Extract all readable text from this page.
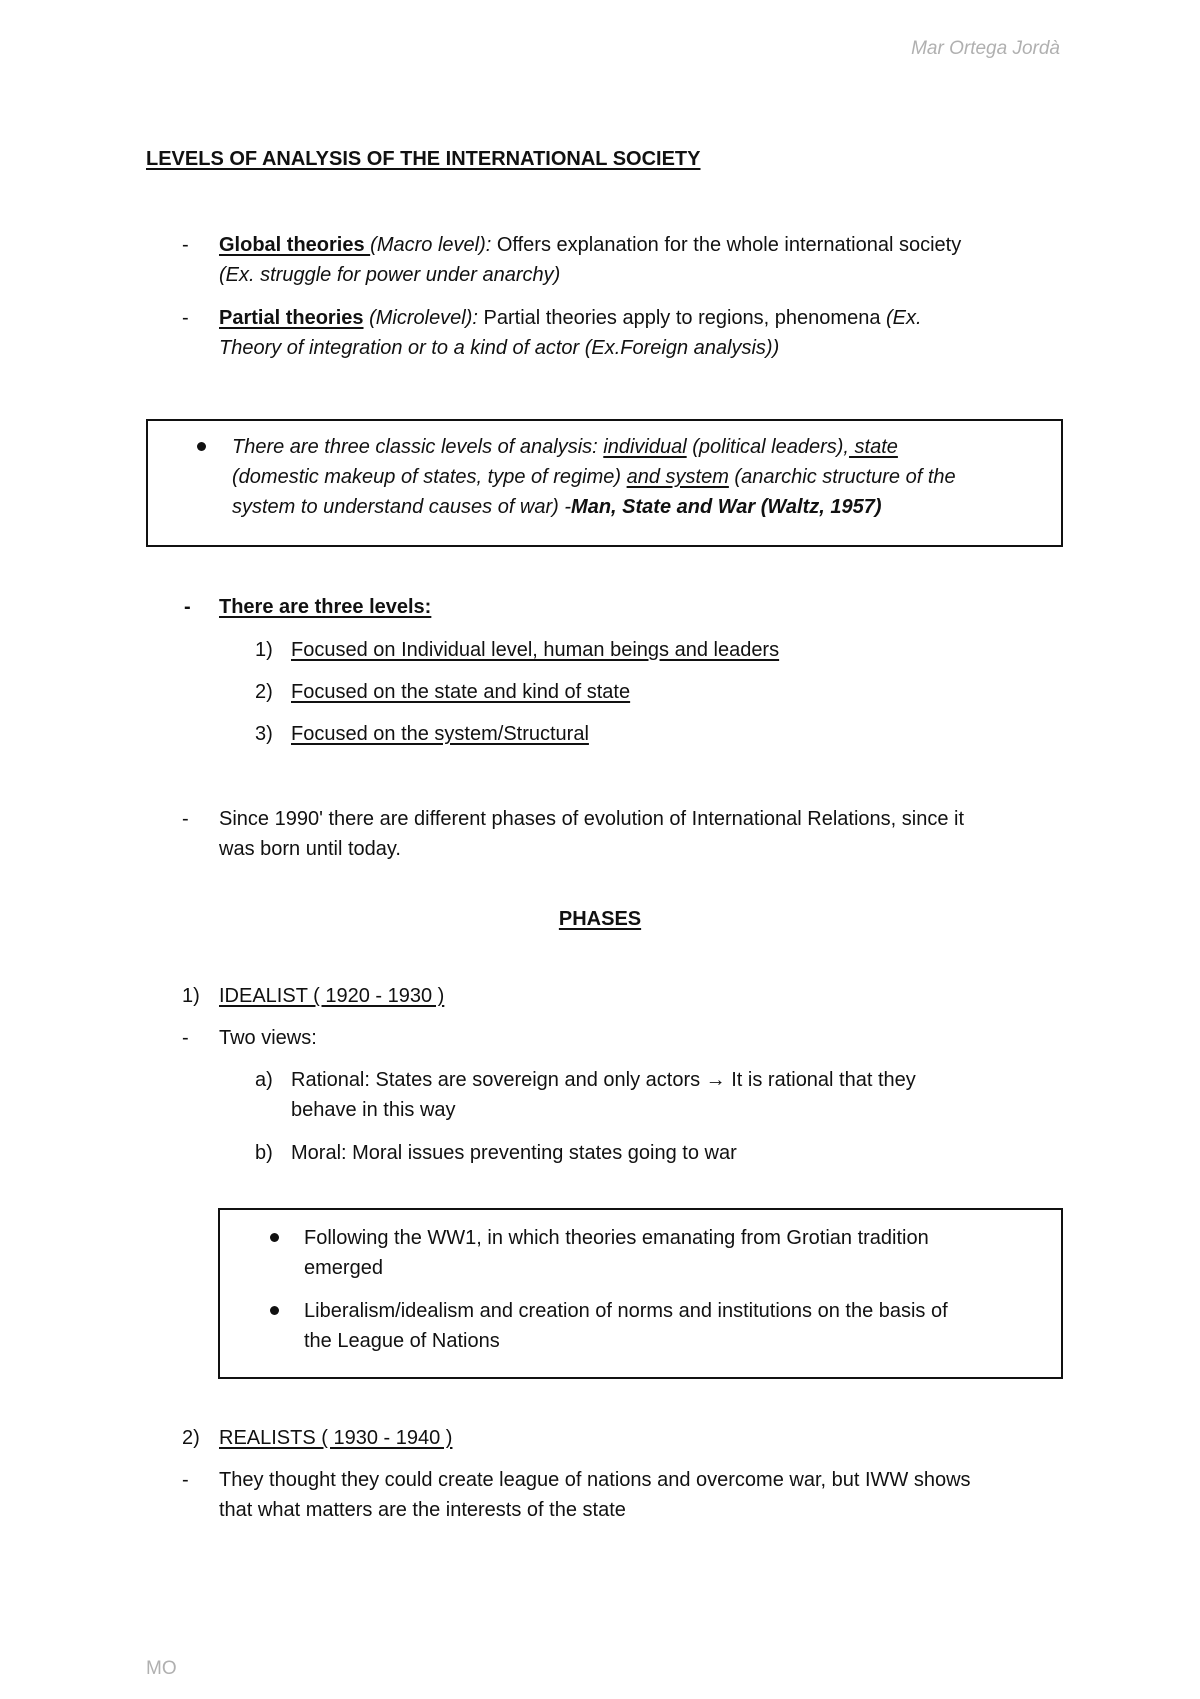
Mar Ortega Jordà
LEVELS OF ANALYSIS OF THE INTERNATIONAL SOCIETY
- Global theories (Macro level): Offers explanation for the whole international society
(Ex. struggle for power under anarchy)
- Partial theories (Microlevel): Partial theories apply to regions, phenomena (Ex.
Theory of integration or to a kind of actor (Ex.Foreign analysis))
There are three classic levels of analysis: individual (political leaders), state
(domestic makeup of states, type of regime) and system (anarchic structure of the
system to understand causes of war) -Man, State and War (Waltz, 1957)
- There are three levels:
1) Focused on Individual level, human beings and leaders
2) Focused on the state and kind of state
3) Focused on the system/Structural
- Since 1990' there are different phases of evolution of International Relations, since it
was born until today.
PHASES
1) IDEALIST ( 1920 - 1930 )
- Two views:
a) Rational: States are sovereign and only actors → It is rational that they
behave in this way
b) Moral: Moral issues preventing states going to war
Following the WW1, in which theories emanating from Grotian tradition
emerged
Liberalism/idealism and creation of norms and institutions on the basis of
the League of Nations
2) REALISTS ( 1930 - 1940 )
- They thought they could create league of nations and overcome war, but IWW shows
that what matters are the interests of the state
MO
